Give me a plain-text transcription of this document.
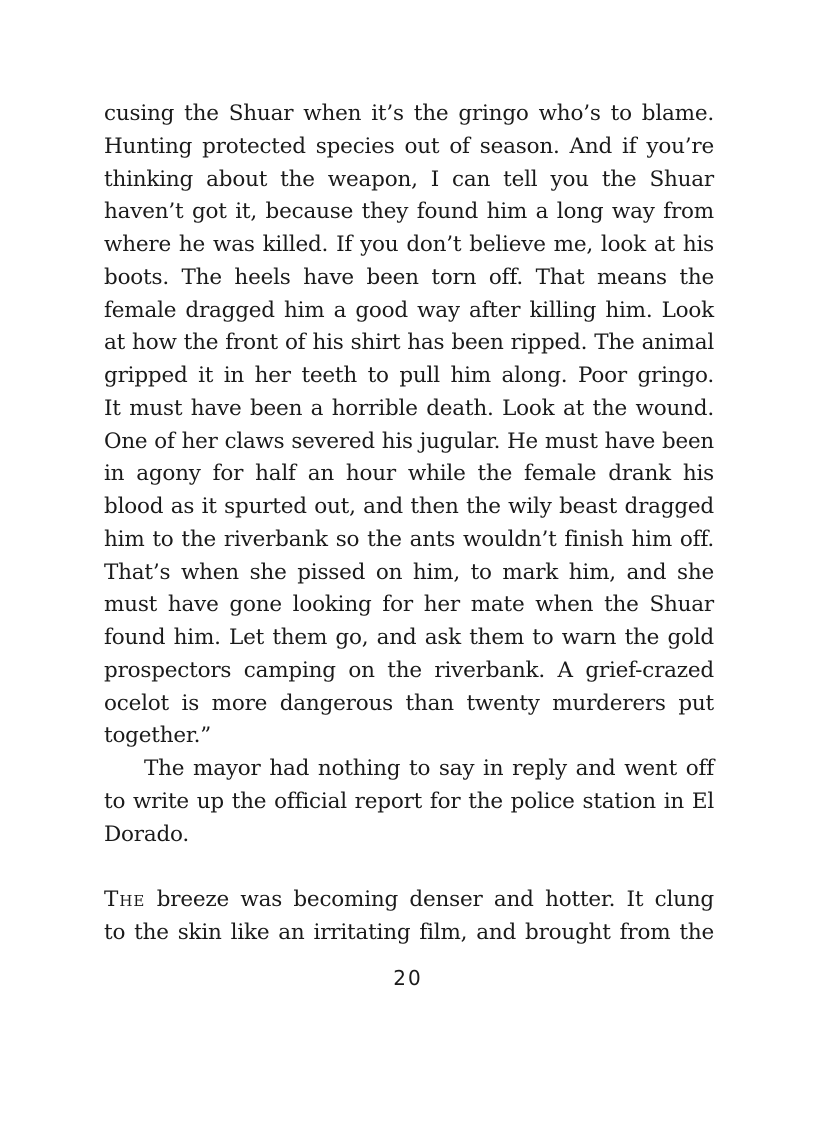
cusing the Shuar when it’s the gringo who’s to blame.
Hunting protected species out of season. And if you’re
thinking about the weapon, I can tell you the Shuar
haven’t got it, because they found him a long way from
where he was killed. If you don’t believe me, look at his
boots. The heels have been torn off. That means the
female dragged him a good way after killing him. Look
at how the front of his shirt has been ripped. The animal
gripped it in her teeth to pull him along. Poor gringo.
It must have been a horrible death. Look at the wound.
One of her claws severed his jugular. He must have been
in agony for half an hour while the female drank his
blood as it spurted out, and then the wily beast dragged
him to the riverbank so the ants wouldn’t finish him off.
That’s when she pissed on him, to mark him, and she
must have gone looking for her mate when the Shuar
found him. Let them go, and ask them to warn the gold
prospectors camping on the riverbank. A grief-crazed
ocelot is more dangerous than twenty murderers put
together.”
The mayor had nothing to say in reply and went off
to write up the official report for the police station in El
Dorado.
The breeze was becoming denser and hotter. It clung
to the skin like an irritating film, and brought from the
20
